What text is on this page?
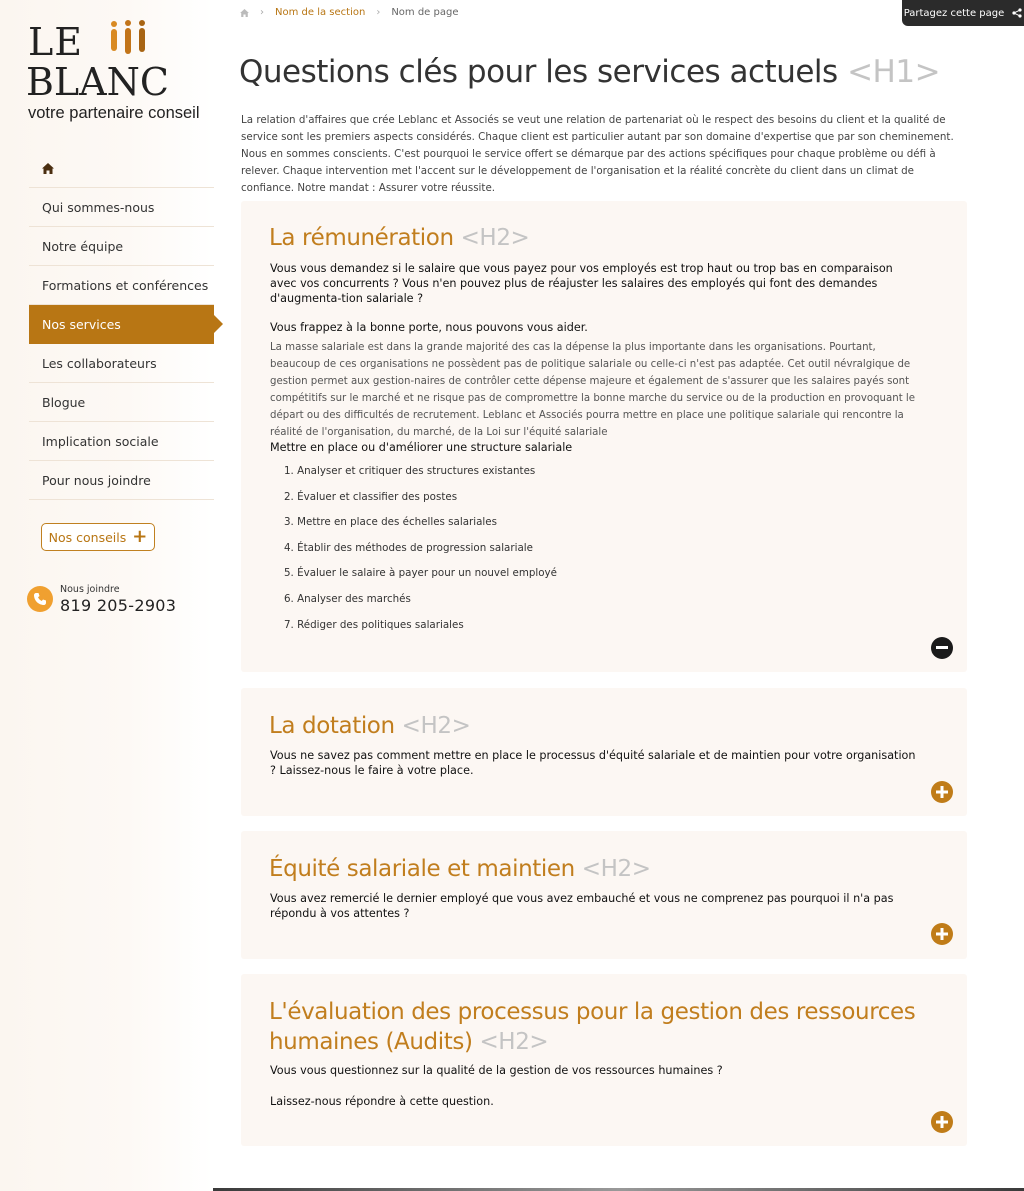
LE
BLANC
votre partenaire conseil
Qui sommes-nous
Notre équipe
Formations et conférences
Nos services
Les collaborateurs
Blogue
Implication sociale
Pour nous joindre
Nos conseils +
Nous joindre
819 205-2903
› Nom de la section › Nom de page	Partagez cette page
Questions clés pour les services actuels <H1>

La relation d'affaires que crée Leblanc et Associés se veut une relation de partenariat où le respect des besoins du client et la qualité de service sont les premiers aspects considérés. Chaque client est particulier autant par son domaine d'expertise que par son cheminement. Nous en sommes conscients. C'est pourquoi le service offert se démarque par des actions spécifiques pour chaque problème ou défi à relever. Chaque intervention met l'accent sur le développement de l'organisation et la réalité concrète du client dans un climat de confiance. Notre mandat : Assurer votre réussite.

La rémunération <H2>

Vous vous demandez si le salaire que vous payez pour vos employés est trop haut ou trop bas en comparaison avec vos concurrents ? Vous n'en pouvez plus de réajuster les salaires des employés qui font des demandes d'augmenta-tion salariale ?

Vous frappez à la bonne porte, nous pouvons vous aider.

La masse salariale est dans la grande majorité des cas la dépense la plus importante dans les organisations. Pourtant, beaucoup de ces organisations ne possèdent pas de politique salariale ou celle-ci n'est pas adaptée. Cet outil névralgique de gestion permet aux gestion-naires de contrôler cette dépense majeure et également de s'assurer que les salaires payés sont compétitifs sur le marché et ne risque pas de compromettre la bonne marche du service ou de la production en provoquant le départ ou des difficultés de recrutement. Leblanc et Associés pourra mettre en place une politique salariale qui rencontre la réalité de l'organisation, du marché, de la Loi sur l'équité salariale

Mettre en place ou d'améliorer une structure salariale

1. Analyser et critiquer des structures existantes
2. Évaluer et classifier des postes
3. Mettre en place des échelles salariales
4. Établir des méthodes de progression salariale
5. Évaluer le salaire à payer pour un nouvel employé
6. Analyser des marchés
7. Rédiger des politiques salariales
La dotation <H2>

Vous ne savez pas comment mettre en place le processus d'équité salariale et de maintien pour votre organisation ? Laissez-nous le faire à votre place.

Équité salariale et maintien <H2>

Vous avez remercié le dernier employé que vous avez embauché et vous ne comprenez pas pourquoi il n'a pas répondu à vos attentes ?

L'évaluation des processus pour la gestion des ressources
humaines (Audits) <H2>

Vous vous questionnez sur la qualité de la gestion de vos ressources humaines ?

Laissez-nous répondre à cette question.
